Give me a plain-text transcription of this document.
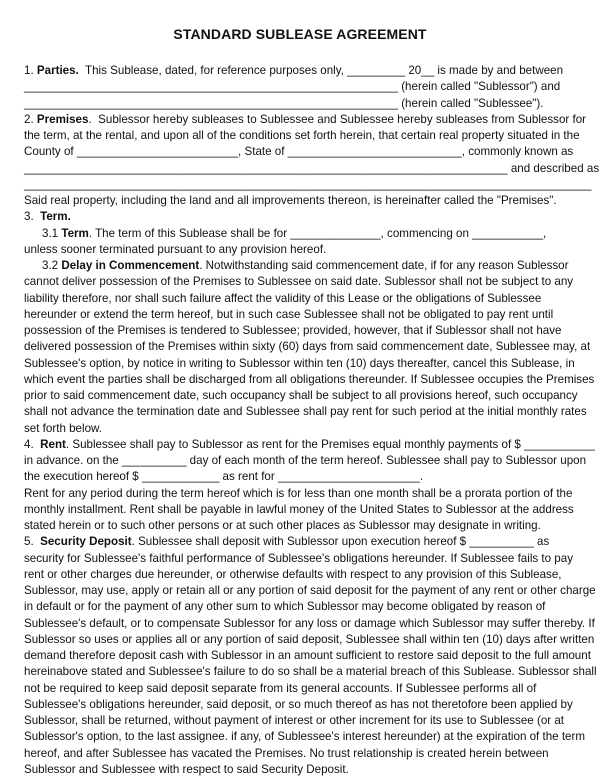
STANDARD SUBLEASE AGREEMENT
1. Parties.  This Sublease, dated, for reference purposes only, _________ 20__ is made by and between
__________________________________________________________ (herein called "Sublessor") and
__________________________________________________________ (herein called "Sublessee").
2. Premises.  Sublessor hereby subleases to Sublessee and Sublessee hereby subleases from Sublessor for
the term, at the rental, and upon all of the conditions set forth herein, that certain real property situated in the
County of _________________________, State of ___________________________, commonly known as
___________________________________________________________________________ and described as
________________________________________________________________________________________
Said real property, including the land and all improvements thereon, is hereinafter called the "Premises".
3.  Term.
3.1 Term. The term of this Sublease shall be for ______________, commencing on ___________,
unless sooner terminated pursuant to any provision hereof.
3.2 Delay in Commencement. Notwithstanding said commencement date, if for any reason Sublessor
cannot deliver possession of the Premises to Sublessee on said date. Sublessor shall not be subject to any
liability therefore, nor shall such failure affect the validity of this Lease or the obligations of Sublessee
hereunder or extend the term hereof, but in such case Sublessee shall not be obligated to pay rent until
possession of the Premises is tendered to Sublessee; provided, however, that if Sublessor shall not have
delivered possession of the Premises within sixty (60) days from said commencement date, Sublessee may, at
Sublessee's option, by notice in writing to Sublessor within ten (10) days thereafter, cancel this Sublease, in
which event the parties shall be discharged from all obligations thereunder. If Sublessee occupies the Premises
prior to said commencement date, such occupancy shall be subject to all provisions hereof, such occupancy
shall not advance the termination date and Sublessee shall pay rent for such period at the initial monthly rates
set forth below.
4.  Rent. Sublessee shall pay to Sublessor as rent for the Premises equal monthly payments of $ ___________
in advance. on the __________ day of each month of the term hereof. Sublessee shall pay to Sublessor upon
the execution hereof $ ____________ as rent for ______________________.
Rent for any period during the term hereof which is for less than one month shall be a prorata portion of the
monthly installment. Rent shall be payable in lawful money of the United States to Sublessor at the address
stated herein or to such other persons or at such other places as Sublessor may designate in writing.
5.  Security Deposit. Sublessee shall deposit with Sublessor upon execution hereof $ __________ as
security for Sublessee's faithful performance of Sublessee's obligations hereunder. If Sublessee fails to pay
rent or other charges due hereunder, or otherwise defaults with respect to any provision of this Sublease,
Sublessor, may use, apply or retain all or any portion of said deposit for the payment of any rent or other charge
in default or for the payment of any other sum to which Sublessor may become obligated by reason of
Sublessee's default, or to compensate Sublessor for any loss or damage which Sublessor may suffer thereby. If
Sublessor so uses or applies all or any portion of said deposit, Sublessee shall within ten (10) days after written
demand therefore deposit cash with Sublessor in an amount sufficient to restore said deposit to the full amount
hereinabove stated and Sublessee's failure to do so shall be a material breach of this Sublease. Sublessor shall
not be required to keep said deposit separate from its general accounts. If Sublessee performs all of
Sublessee's obligations hereunder, said deposit, or so much thereof as has not theretofore been applied by
Sublessor, shall be returned, without payment of interest or other increment for its use to Sublessee (or at
Sublessor's option, to the last assignee. if any, of Sublessee's interest hereunder) at the expiration of the term
hereof, and after Sublessee has vacated the Premises. No trust relationship is created herein between
Sublessor and Sublessee with respect to said Security Deposit.
